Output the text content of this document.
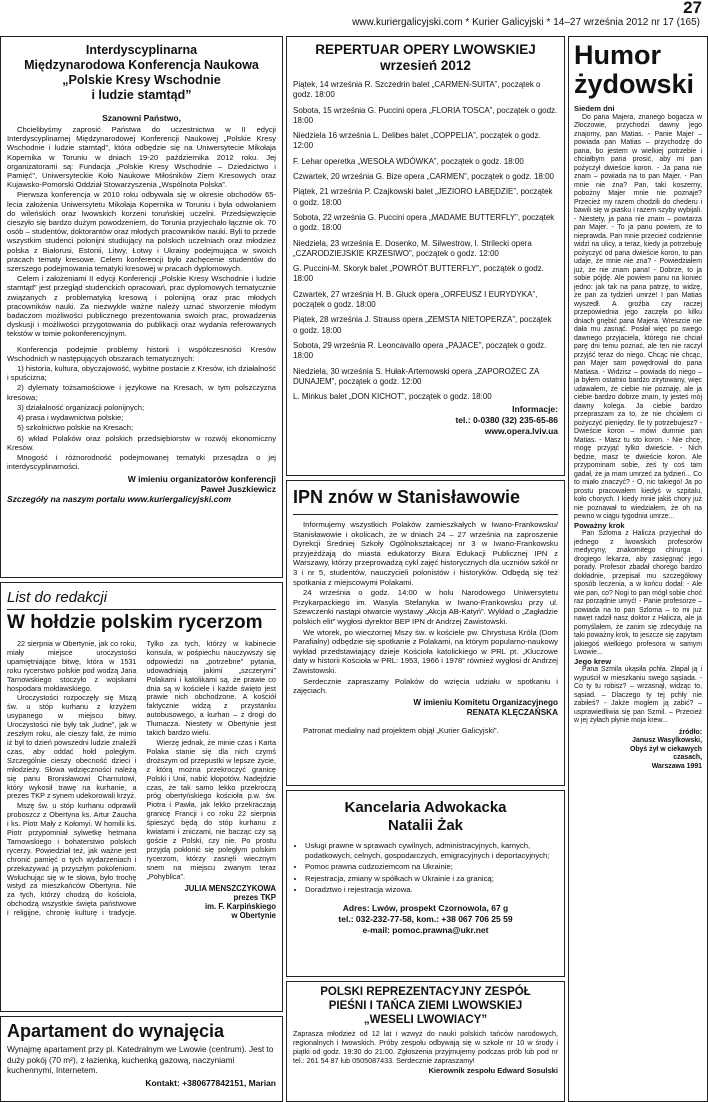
27
www.kuriergalicyjski.com * Kurier Galicyjski * 14–27 września 2012 nr 17 (165)
Interdyscyplinarna
Międzynarodowa Konferencja Naukowa
„Polskie Kresy Wschodnie
i ludzie stamtąd”
Szanowni Państwo,

Chcielibyśmy zaprosić Państwa do uczestnictwa w II edycji Interdyscyplinarnej Międzynarodowej Konferencji Naukowej „Polskie Kresy Wschodnie i ludzie stamtąd”, która odbędzie się na Uniwersytecie Mikołaja Kopernika w Toruniu w dniach 19-20 października 2012 roku. Jej organizatorami są: Fundacja „Polskie Kresy Wschodnie – Dziedzictwo i Pamięć”, Uniwersyteckie Koło Naukowe Miłośników Ziem Kresowych oraz Kujawsko-Pomorski Oddział Stowarzyszenia „Wspólnota Polska”.

Pierwsza konferencja w 2010 roku odbywała się w okresie obchodów 65-lecia założenia Uniwersytetu Mikołaja Kopernika w Toruniu i była odwołaniem do wileńskich oraz lwowskich korzeni toruńskiej uczelni. Przedsięwzięcie cieszyło się bardzo dużym powodzeniem, do Torunia przyjechało łącznie ok. 70 osób – studentów, doktorantów oraz młodych pracowników nauki. Byli to przede wszystkim studenci polonijni studiujący na polskich uczelniach oraz młodzież polska z Białorusi, Estonii, Litwy, Łotwy i Ukrainy podejmująca w swoich pracach tematy kresowe. Celem konferencji było zachęcenie studentów do szerszego podejmowania tematyki kresowej w pracach dyplomowych.

Celem i założeniami II edycji Konferencji „Polskie Kresy Wschodnie i ludzie stamtąd” jest przegląd studenckich opracowań, prac dyplomowych tematycznie związanych z problematyką kresową i polonijną oraz prac młodych pracowników nauki. Za niezwykle ważne należy uznać stworzenie młodym badaczom możliwości publicznego prezentowania swoich prac, prowadzenia dyskusji i możliwości przygotowania do publikacji oraz wydania referowanych tekstów w tomie pokonferencyjnym.

Konferencja podejmie problemy historii i współczesności Kresów Wschodnich w następujących obszarach tematycznych:

1) historia, kultura, obyczajowość, wybitne postacie z Kresów, ich działalność i spuścizna;

2) dylematy tożsamościowe i językowe na Kresach, w tym polszczyzna kresowa;

3) działalność organizacji polonijnych;

4) prasa i wydawnictwa polskie;

5) szkolnictwo polskie na Kresach;

6) wkład Polaków oraz polskich przedsiębiorstw w rozwój ekonomiczny Kresów.

Mnogość i różnorodność podejmowanej tematyki przesądza o jej interdyscyplinarności.

W imieniu organizatorów konferencji
Paweł Juszkiewicz
Szczegóły na naszym portalu www.kuriergalicyjski.com
List do redakcji
W hołdzie polskim rycerzom

22 sierpnia w Obertynie, jak co roku, miały miejsce uroczystości upamiętniające bitwę, która w 1531 roku rycerstwo polskie pod wodzą Jana Tarnowskiego stoczyło z wojskami hospodara mołdawskiego.

Uroczystości rozpoczęły się Mszą św. u stóp kurhanu z krzyżem usypanego w miejscu bitwy. Uroczystości nie były tak „ludne”, jak w zeszłym roku, ale cieszy fakt, że mimo iż był to dzień powszedni ludzie znaleźli czas, aby oddać hołd poległym. Szczególnie cieszy obecność dzieci i młodzieży. Słowa wdzięczności należą się panu Bronisławowi Charnutowi, który wykosił trawę na kurhanie, a prezes TKP z synem udekorowali krzyż.

Mszę św. u stóp kurhanu odprawili proboszcz z Obertyna ks. Artur Zaucha i ks. Piotr Mały z Kołomyi. W homilii ks. Piotr przypomniał sylwetkę hetmana Tarnowskiego i bohaterstwo polskich rycerzy. Powiedział też, jak ważne jest chronić pamięć o tych wydarzeniach i przekazywać ją przyszłym pokoleniom. Wsłuchując się w te słowa, było trochę wstyd za mieszkańców Obertyna. Nie za tych, którzy chodzą do kościoła, obchodzą wszystkie święta państwowe i religijne, chronię kulturę i tradycje. Tylko za tych, którzy w kabinecie konsula, w pośpiechu nauczywszy się odpowiedzi na „potrzebne” pytania, udowadniają jakimi „szczerymi” Polakami i katolikami są, że prawie co dnia są w kościele i każde święto jest prawie nich obchodzone. A kościół faktycznie widzą z przystanku autobusowego, a kurhan – z drogi do Tłumacza. Niestety w Obertynie jest takich bardzo wielu.

Wierzę jednak, że minie czas i Karta Polaka stanie się dla nich czymś droższym od przepustki w lepsze życie, z którą można przekroczyć granicę Polski i Unii, nabić kłopotów. Nadejdzie czas, że tak samo lekko przekroczą próg obertyńskiego kościoła p.w. św. Piotra i Pawła, jak lekko przekraczają granicę Francji i co roku 22 sierpnia śpieszyć będą do stóp kurhanu z kwiatami i zniczami, nie bacząc czy są goście z Polski, czy nie. Po prostu przyjdą pokłonić się poległym polskim rycerzom, którzy zasnęli wiecznym snem na miejscu zwanym teraz „Pohyblica”.

JULIA MENSZCZYKOWA
prezes TKP
im. F. Karpińskiego
w Obertynie
Apartament do wynajęcia
Wynajmę apartament przy pl. Katedralnym we Lwowie (centrum). Jest to duży pokój (70 m²), z łazienką, kuchenką gazową, naczyniami kuchennymi, Internetem.
Kontakt: +380677842151, Marian
REPERTUAR OPERY LWOWSKIEJ
wrzesień 2012
Piątek, 14 września R. Szczedrin balet „CARMEN-SUITA”, początek o godz. 18:00
Sobota, 15 września G. Puccini opera „FLORIA TOSCA”, początek o godz. 18:00
Niedziela 16 września L. Delibes balet „COPPELIA”, początek o godz. 12:00
F. Lehar operetka „WESOŁA WDÓWKA”, początek o godz. 18:00
Czwartek, 20 września G. Bize opera „CARMEN”, początek o godz. 18:00
Piątek, 21 września P. Czajkowski balet „JEZIORO ŁABĘDZIE”, początek o godz. 18:00
Sobota, 22 września G. Puccini opera „MADAME BUTTERFLY”, początek o godz. 18:00
Niedziela, 23 września E. Dosenko, M. Silwestrow, I. Strilecki opera „CZARODZIEJSKIE KRZESIWO”, początek o godz. 12:00
G. Puccini-M. Skoryk balet „POWRÓT BUTTERFLY”, początek o godz. 18:00
Czwartek, 27 września H. B. Gluck opera „ORFEUSZ I EURYDYKA”, początek o godz. 18:00
Piątek, 28 września J. Strauss opera „ZEMSTA NIETOPERZA”, początek o godz. 18:00
Sobota, 29 września R. Leoncavallo opera „PAJACE”, początek o godz. 18:00
Niedziela, 30 września S. Hułak-Artemowski opera „ZAPOROŻEC ZA DUNAJEM”, początek o godz. 12:00
L. Minkus balet „DON KICHOT”, początek o godz. 18:00
Informacje:
tel.: 0-0380 (32) 235-65-86
www.opera.lviv.ua
IPN znów w Stanisławowie

Informujemy wszystkich Polaków zamieszkałych w Iwano-Frankowsku/ Stanisławowie i okolicach, że w dniach 24 – 27 września na zaproszenie Dyrekcji Średniej Szkoły Ogólnokształcącej nr 3 w Iwano-Frankowsku przyjeżdżają do miasta edukatorzy Biura Edukacji Publicznej IPN z Warszawy, którzy przeprowadzą cykl zajęć historycznych dla uczniów szkół nr 3 i nr 5, studentów, nauczycieli polonistów i historyków. Odbędą się też spotkania z miejscowymi Polakami.

24 września o godz. 14:00 w holu Narodowego Uniwersytetu Przykarpackiego im. Wasyla Stefanyka w Iwano-Frankowsku przy ul. Szewczenki nastąpi otwarcie wystawy „Akcja AB-Katyń”. Wykład o „Zagładzie polskich elit” wygłosi dyrektor BEP IPN dr Andrzej Zawistowski.

We wtorek, po wieczornej Mszy św. w kościele pw. Chrystusa Króla (Dom Parafialny) odbędzie się spotkanie z Polakami, na którym popularno-naukowy wykład przedstawiający dzieje Kościoła katolickiego w PRL pt. „Kluczowe daty w historii Kościoła w PRL: 1953, 1966 i 1978” również wygłosi dr Andrzej Zawistowski.

Serdecznie zapraszamy Polaków do wzięcia udziału w spotkaniu i zajęciach.

W imieniu Komitetu Organizacyjnego
RENATA KLĘCZAŃSKA
Patronat medialny nad projektem objął „Kurier Galicyjski”.
Kancelaria Adwokacka
Natalii Żak
• Usługi prawne w sprawach cywilnych, administracyjnych, karnych, podatkowych, celnych, gospodarczych, emigracyjnych i deportacyjnych;
• Pomoc prawna cudzoziemcom na Ukrainie;
• Rejestracja, zmiany w spółkach w Ukrainie i za granicą;
• Doradztwo i rejestracja wizowa.
Adres: Lwów, prospekt Czornowola, 67 g
tel.: 032-232-77-58, kom.: +38 067 706 25 59
e-mail: pomoc.prawna@ukr.net
POLSKI REPREZENTACYJNY ZESPÓŁ
PIEŚNI I TAŃCA ZIEMI LWOWSKIEJ
„WESELI LWOWIACY”
Zaprasza młodzież od 12 lat i wzwyż do nauki polskich tańców narodowych, regionalnych i lwowskich. Próby zespołu odbywają się w szkole nr 10 w środy i piątki od godz. 19:30 do 21:00. Zgłoszenia przyjmujemy podczas prób lub pod nr tel.: 261 54 87 lub 0505087433. Serdecznie zapraszamy!
Kierownik zespołu Edward Sosulski
Humor
żydowski
Siedem dni
Do pana Majera, znanego bogacza w Złoczowie, przychodzi dawny jego znajomy, pan Matias. - Panie Majer – powiada pan Matias – przychodzę do pana, bo jestem w wielkiej potrzebie i chciałbym pana prosić, aby mi pan pożyczył dwieście koron. - Ja pana nie znam – powiada na to pan Majer. - Pan mnie nie zna? Pan, taki koszerny, pobożny Majer mnie nie poznaje? Przecież my razem chodzili do chederu i bawili się w piasku i razem szyby wybijali. - Niestety, ja pana nie znam – powtarza pan Majer. - To ja panu powiem, że to nieprawda. Pan mnie przecież codziennie widzi na ulicy, a teraz, kiedy ja potrzebuję pożyczyć od pana dwieście koron, to pan udaje, że mnie nie zna? - Powiedziałem już, że nie znam pana! - Dobrze, to ja sobie pójdę. Ale powiem panu na koniec jedno: jak tak na pana patrzę, to widzę, że pan za tydzień umrze! I pan Matias wyszedł. A groźba czy raczej przepowiednia jego zaczęła po kilku dniach gnębić pana Majera. Wreszcie nie dała mu zasnąć. Posłał więc po swego dawnego przyjaciela, którego nie chciał parę dni temu poznać, ale ten nie raczył przyjść teraz do niego. Chcąc nie chcąc, pan Majer sam powędrował do pana Matiasa. - Widzisz – powiada do niego – ja byłem ostatnio bardzo zirytowany, więc udawałem, że ciebie nie poznaję, ale ja ciebie bardzo dobrze znam, ty jesteś mój dawny kolega. Ja ciebie bardzo przepraszam za to, że nie chciałem ci pożyczyć pieniędzy. Ile ty potrzebujesz? - Dwieście koron – mówi dumnie pan Matias. - Masz tu sto koron. - Nie chcę, mogę przyjąć tylko dwieście. - Nich będzie, masz te dwieście koron. Ale przypominam sobie, żeś ty coś tam gadał, że ja mam umrzeć za tydzień... Co to miało znaczyć? - O, nic takiego! Ja po prostu pracowałem kiedyś w szpitalu, koło chorych. I kiedy mnie jakiś chory już nie poznawał to wiedziałem, że oh na pewno w ciągu tygodnia umrze...
Poważny krok
Pan Szloma z Halicza przyjechał do jednego z lwowskich profesorów medycyny, znakomitego chirurga i drogiego lekarza, aby zasięgnąć jego porady. Profesor zbadał chorego bardzo dokładnie, przepisał mu szczegółowy sposób leczenia, a w końcu dodał: - Ale wie pan, co? Nogi to pan mógł sobie choć raz porządnie umyć! - Panie profesorze – powiada na to pan Szloma – to mi już nawet radził nasz doktor z Halicza, ale ja pomyślałem, że zanim się zdecyduję na taki poważny krok, to jeszcze się zapytam jakiegoś wielkiego profesora w samym Lwowie...
Jego krew
Pana Szmila ukąsiła pchła. Złapał ją i wypuścił w mieszkaniu swego sąsiada. - Co ty tu robisz? – wrzasnął, widząc to, sąsiad. – Dlaczego ty tej pchły nie zabiłeś? - Jakże mogłem ją zabić? – usprawiedliwia się pan Szmil. – Przecież w jej żyłach płynie moja krew...
źródło:
Janusz Wasylkowski,
Obyś żył w ciekawych
czasach,
Warszawa 1991
